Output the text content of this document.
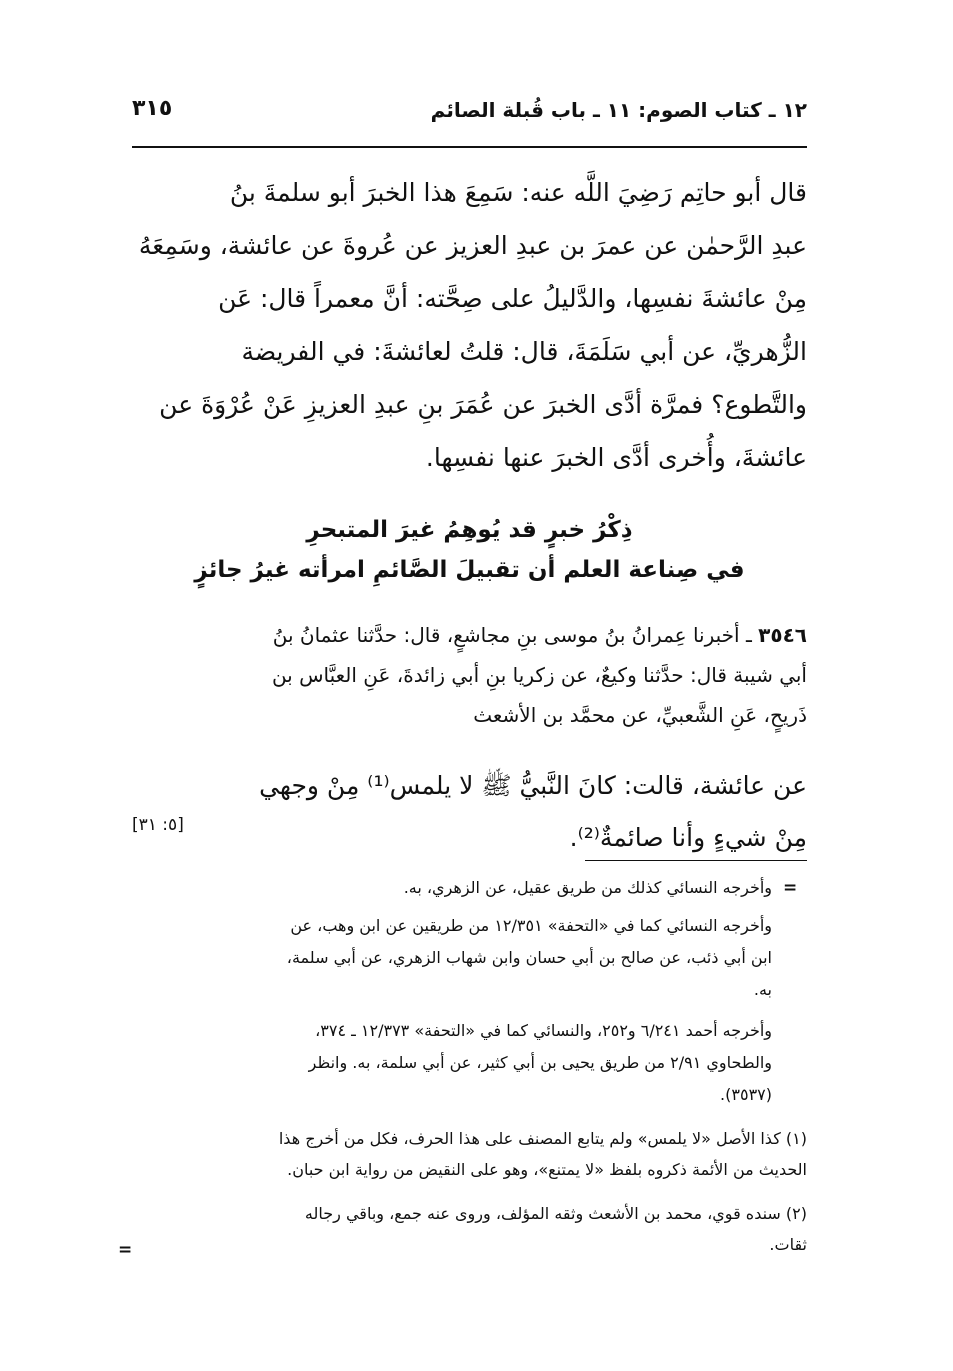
٣١٥	١٢ ـ كتاب الصوم: ١١ ـ باب قُبلة الصائم
قال أبو حاتِم رَضِيَ اللَّه عنه: سَمِعَ هذا الخبرَ أبو سلمةَ بنُ
عبدِ الرَّحمٰن عن عمرَ بن عبدِ العزيز عن عُروةَ عن عائشة، وسَمِعَهُ
مِنْ عائشةَ نفسِها، والدَّليلُ على صِحَّته: أنَّ معمراً قال: عَن
الزُّهريِّ، عن أبي سَلَمَةَ، قال: قلتُ لعائشةَ: في الفريضة
والتَّطوع؟ فمرَّة أدَّى الخبرَ عن عُمَرَ بنِ عبدِ العزيزِ عَنْ عُرْوَةَ عن
عائشةَ، وأُخرى أدَّى الخبرَ عنها نفسِها.
ذِكْرُ خبرٍ قد يُوهِمُ غيرَ المتبحرِ
في صِناعة العلم أن تقبيلَ الصَّائمِ امرأته غيرُ جائزٍ
٣٥٤٦ ـ أخبرنا عِمرانُ بنُ موسى بنِ مجاشعٍ، قال: حدَّثنا عثمانُ بنُ
أبي شيبة قال: حدَّثنا وكيعٌ، عن زكريا بنِ أبي زائدةَ، عَنِ العبَّاس بن
ذَريحٍ، عَنِ الشَّعبيِّ، عن محمَّد بن الأشعث
عن عائشة، قالت: كانَ النَّبيُّ ﷺ لا يلمس⁽¹⁾ مِنْ وجهي
مِنْ شيءٍ وأنا صائمةٌ⁽²⁾.
[٥: ٣١]
=
وأخرجه النسائي كذلك من طريق عقيل، عن الزهري، به.
وأخرجه النسائي كما في «التحفة» ١٢/٣٥١ من طريقين عن ابن وهب، عن
ابن أبي ذئب، عن صالح بن أبي حسان وابن شهاب الزهري، عن أبي سلمة،
به.
وأخرجه أحمد ٦/٢٤١ و٢٥٢، والنسائي كما في «التحفة» ١٢/٣٧٣ ـ ٣٧٤،
والطحاوي ٢/٩١ من طريق يحيى بن أبي كثير، عن أبي سلمة، به. وانظر
(٣٥٣٧).
(١) كذا الأصل «لا يلمس» ولم يتابع المصنف على هذا الحرف، فكل من أخرج هذا
الحديث من الأئمة ذكروه بلفظ «لا يمتنع»، وهو على النقيض من رواية ابن حبان.
(٢) سنده قوي، محمد بن الأشعث وثقه المؤلف، وروى عنه جمع، وباقي رجاله
ثقات.
=
